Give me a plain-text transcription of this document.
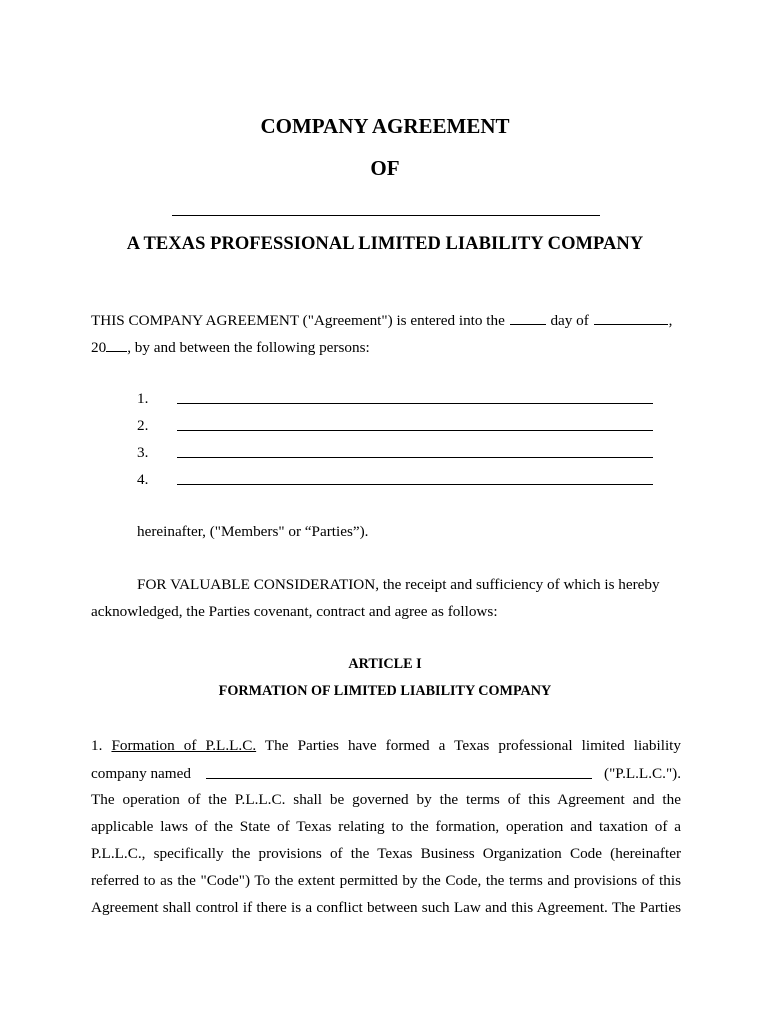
COMPANY AGREEMENT
OF
A TEXAS PROFESSIONAL LIMITED LIABILITY COMPANY

THIS COMPANY AGREEMENT ("Agreement") is entered into the	day of	,

20 , by and between the following persons:

1.
2.
3.
4.

hereinafter, ("Members" or “Parties”).

FOR VALUABLE CONSIDERATION, the receipt and sufficiency of which is hereby

acknowledged, the Parties covenant, contract and agree as follows:

ARTICLE I
FORMATION OF LIMITED LIABILITY COMPANY

1. Formation of P.L.L.C. The Parties have formed a Texas professional limited liability

company named	("P.L.L.C.").

The operation of the P.L.L.C. shall be governed by the terms of this Agreement and the

applicable laws of the State of Texas relating to the formation, operation and taxation of a

P.L.L.C., specifically the provisions of the Texas Business Organization Code (hereinafter

referred to as the "Code") To the extent permitted by the Code, the terms and provisions of this

Agreement shall control if there is a conflict between such Law and this Agreement. The Parties
